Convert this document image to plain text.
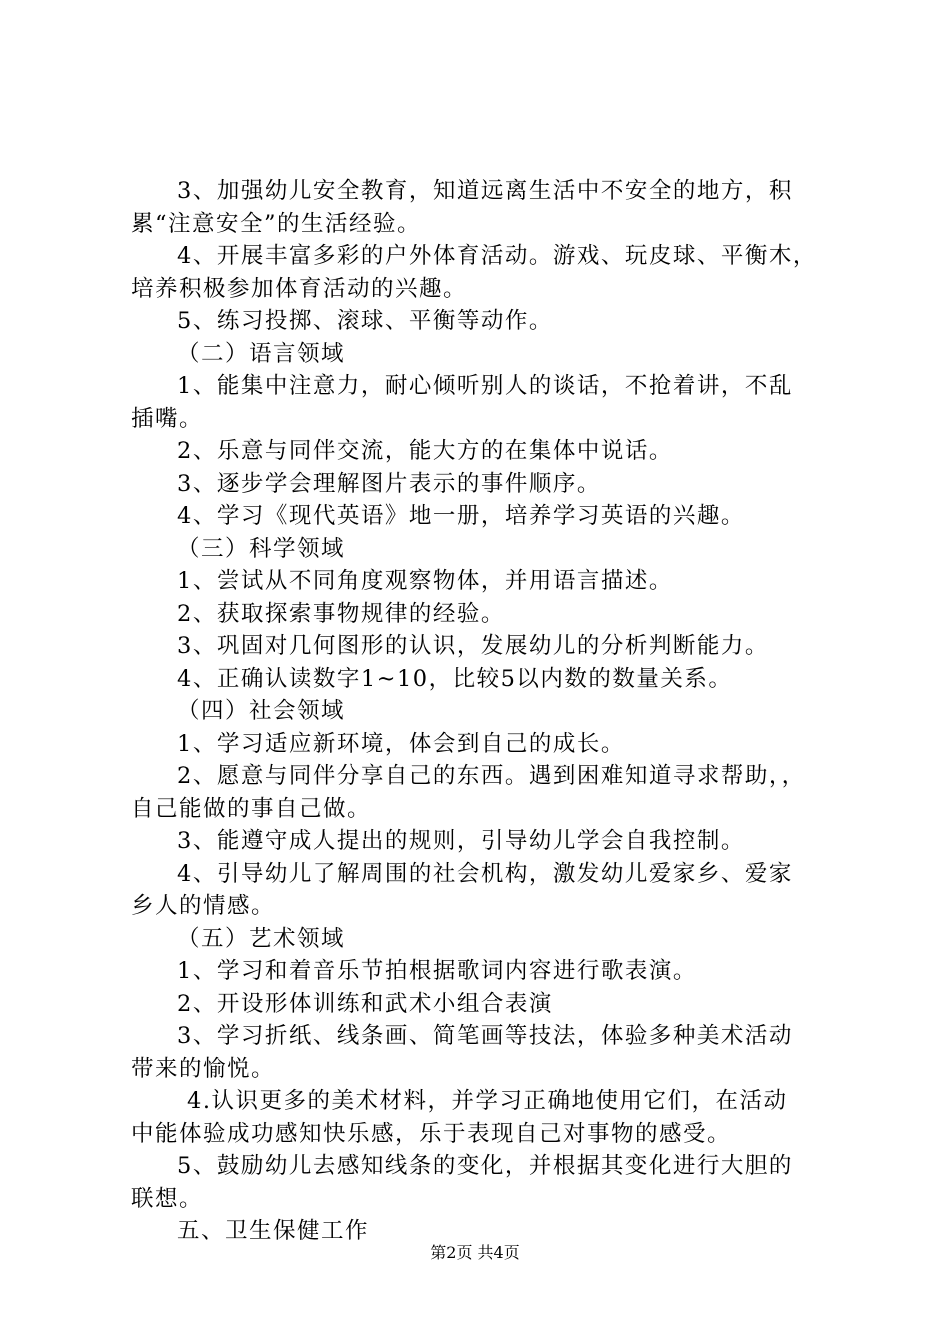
3、加强幼儿安全教育，知道远离生活中不安全的地方，积
累“注意安全”的生活经验。
4、开展丰富多彩的户外体育活动。游戏、玩皮球、平衡木，
培养积极参加体育活动的兴趣。
5、练习投掷、滚球、平衡等动作。
（二）语言领域
1、能集中注意力，耐心倾听别人的谈话，不抢着讲，不乱
插嘴。
2、乐意与同伴交流，能大方的在集体中说话。
3、逐步学会理解图片表示的事件顺序。
4、学习《现代英语》地一册，培养学习英语的兴趣。
（三）科学领域
1、尝试从不同角度观察物体，并用语言描述。
2、获取探索事物规律的经验。
3、巩固对几何图形的认识，发展幼儿的分析判断能力。
4、正确认读数字1~10，比较5以内数的数量关系。
（四）社会领域
1、学习适应新环境，体会到自己的成长。
2、愿意与同伴分享自己的东西。遇到困难知道寻求帮助，，
自己能做的事自己做。
3、能遵守成人提出的规则，引导幼儿学会自我控制。
4、引导幼儿了解周围的社会机构，激发幼儿爱家乡、爱家
乡人的情感。
（五）艺术领域
1、学习和着音乐节拍根据歌词内容进行歌表演。
2、开设形体训练和武术小组合表演
3、学习折纸、线条画、简笔画等技法，体验多种美术活动
带来的愉悦。
4.认识更多的美术材料，并学习正确地使用它们，在活动
中能体验成功感知快乐感，乐于表现自己对事物的感受。
5、鼓励幼儿去感知线条的变化，并根据其变化进行大胆的
联想。
五、卫生保健工作
第2页 共4页
